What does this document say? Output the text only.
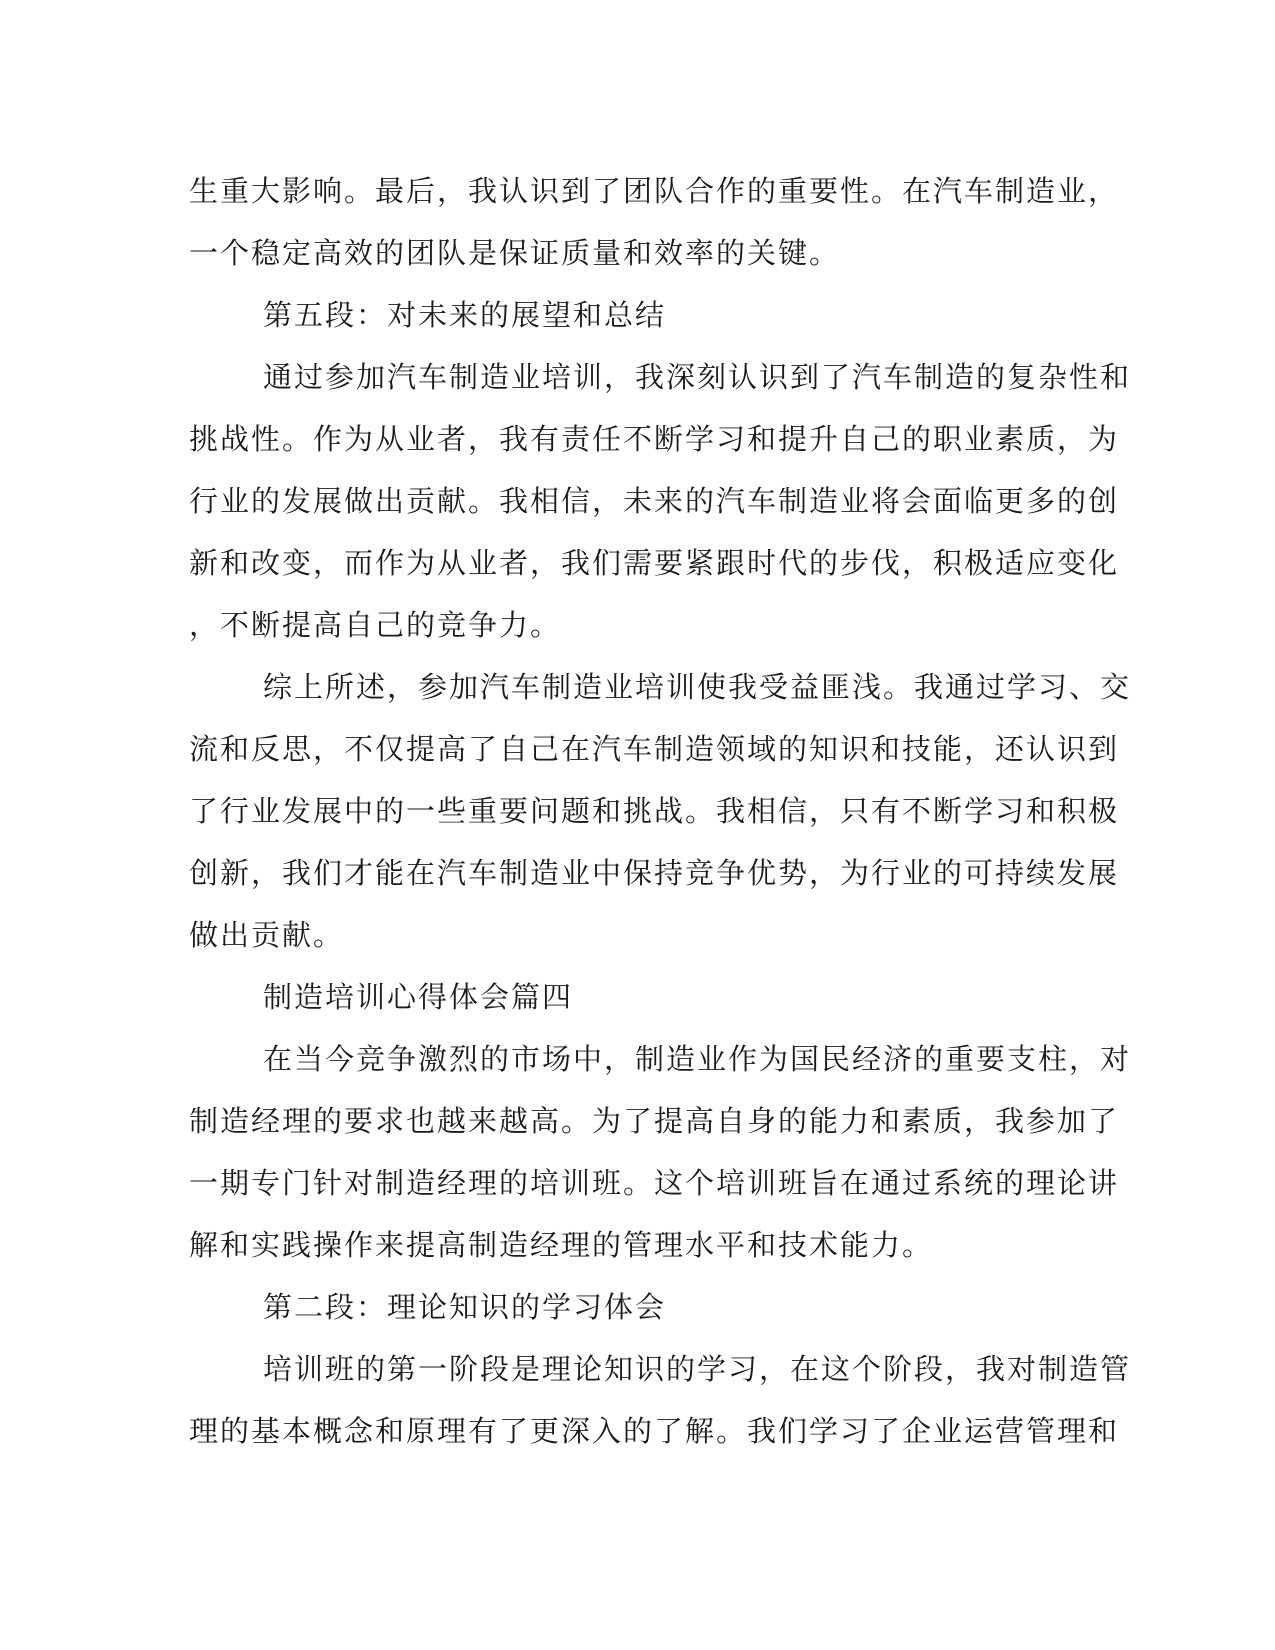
生重大影响。最后，我认识到了团队合作的重要性。在汽车制造业，
一个稳定高效的团队是保证质量和效率的关键。
第五段：对未来的展望和总结
通过参加汽车制造业培训，我深刻认识到了汽车制造的复杂性和
挑战性。作为从业者，我有责任不断学习和提升自己的职业素质，为
行业的发展做出贡献。我相信，未来的汽车制造业将会面临更多的创
新和改变，而作为从业者，我们需要紧跟时代的步伐，积极适应变化
，不断提高自己的竞争力。
综上所述，参加汽车制造业培训使我受益匪浅。我通过学习、交
流和反思，不仅提高了自己在汽车制造领域的知识和技能，还认识到
了行业发展中的一些重要问题和挑战。我相信，只有不断学习和积极
创新，我们才能在汽车制造业中保持竞争优势，为行业的可持续发展
做出贡献。
制造培训心得体会篇四
在当今竞争激烈的市场中，制造业作为国民经济的重要支柱，对
制造经理的要求也越来越高。为了提高自身的能力和素质，我参加了
一期专门针对制造经理的培训班。这个培训班旨在通过系统的理论讲
解和实践操作来提高制造经理的管理水平和技术能力。
第二段：理论知识的学习体会
培训班的第一阶段是理论知识的学习，在这个阶段，我对制造管
理的基本概念和原理有了更深入的了解。我们学习了企业运营管理和
